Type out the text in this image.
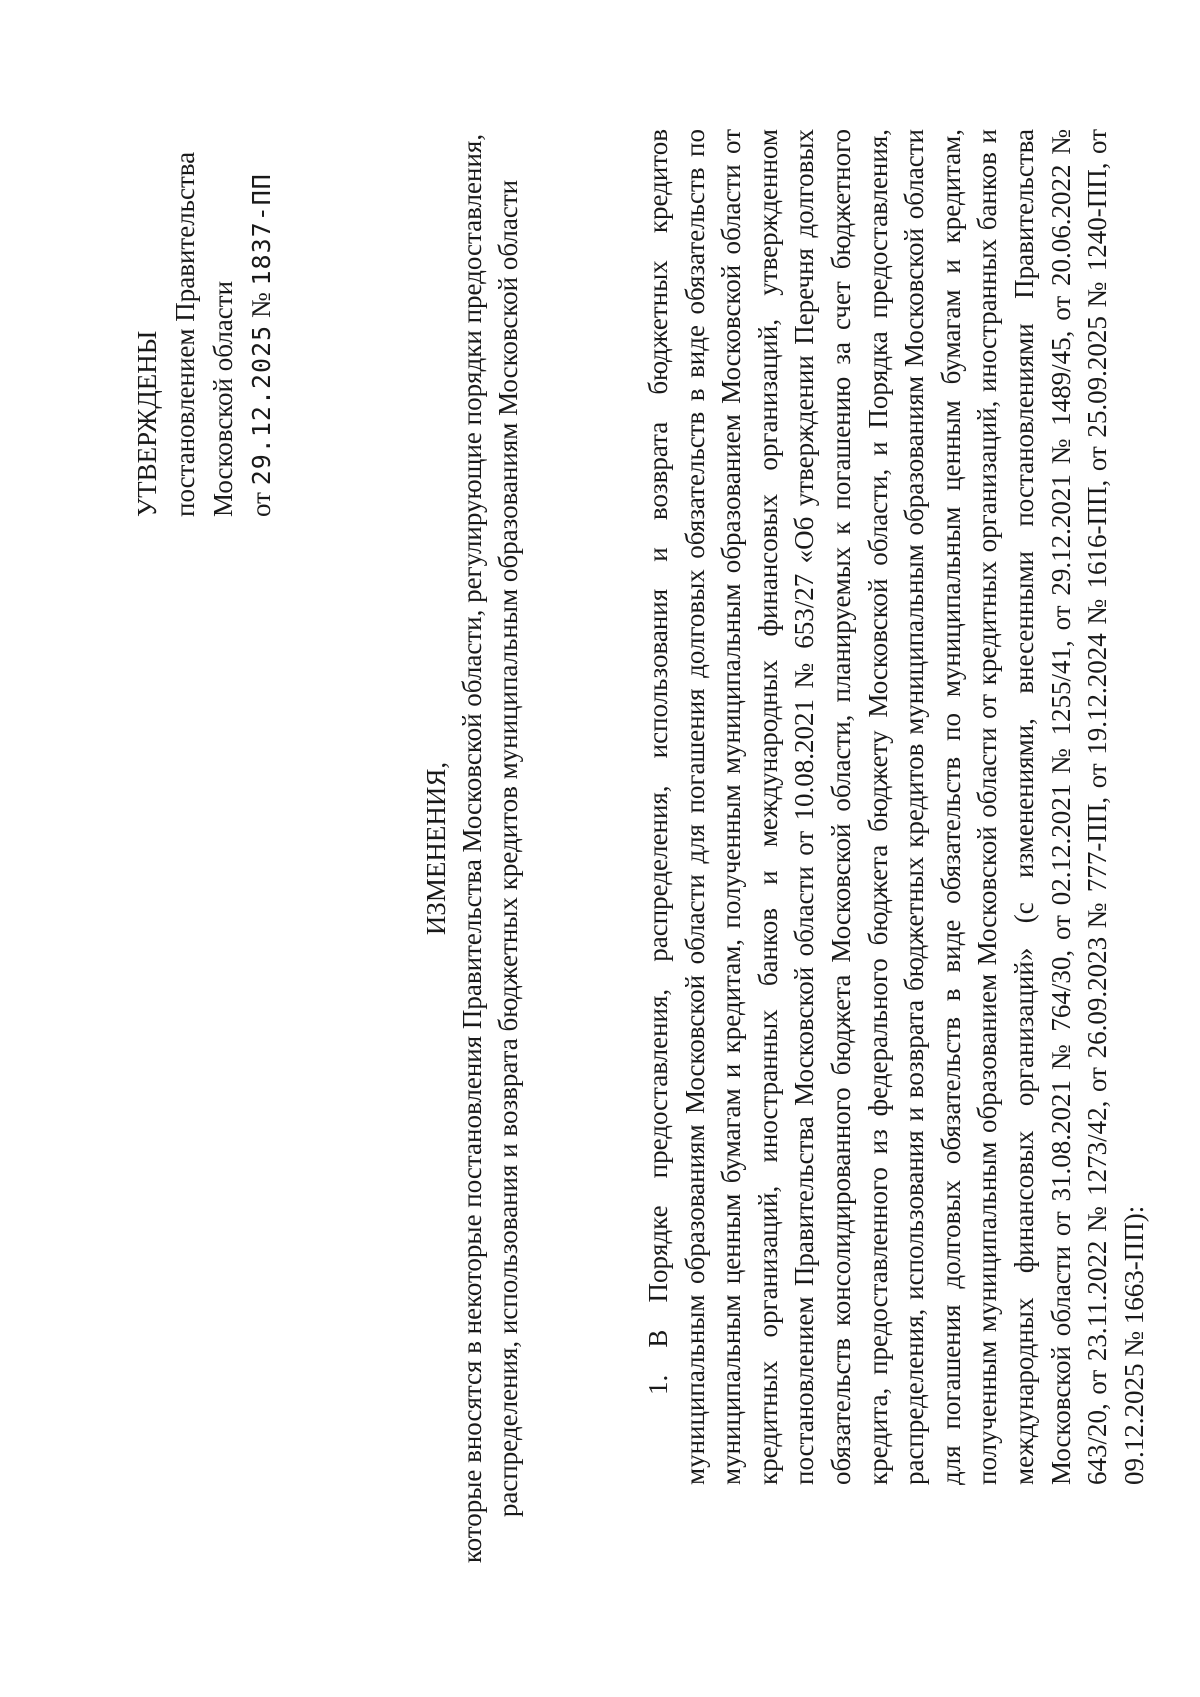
УТВЕРЖДЕНЫ постановлением Правительства Московской области от 29.12.2025 № 1837-ПП
ИЗМЕНЕНИЯ, которые вносятся в некоторые постановления Правительства Московской области, регулирующие порядки предоставления, распределения, использования и возврата бюджетных кредитов муниципальным образованиям Московской области	1. В Порядке предоставления, распределения, использования и возврата бюджетных кредитов муниципальным образованиям Московской области для погашения долговых обязательств в виде обязательств по муниципальным ценным бумагам и кредитам, полученным муниципальным образованием Московской области от кредитных организаций, иностранных банков и международных финансовых организаций, утвержденном постановлением Правительства Московской области от 10.08.2021 № 653/27 «Об утверждении Перечня долговых обязательств консолидированного бюджета Московской области, планируемых к погашению за счет бюджетного кредита, предоставленного из федерального бюджета бюджету Московской области, и Порядка предоставления, распределения, использования и возврата бюджетных кредитов муниципальным образованиям Московской области для погашения долговых обязательств в виде обязательств по муниципальным ценным бумагам и кредитам, полученным муниципальным образованием Московской области от кредитных организаций, иностранных банков и международных финансовых организаций» (с изменениями, внесенными постановлениями Правительства Московской области от 31.08.2021 № 764/30, от 02.12.2021 № 1255/41, от 29.12.2021 № 1489/45, от 20.06.2022 № 643/20, от 23.11.2022 № 1273/42, от 26.09.2023 № 777-ПП, от 19.12.2024 № 1616-ПП, от 25.09.2025 № 1240-ПП, от 09.12.2025 № 1663-ПП):
